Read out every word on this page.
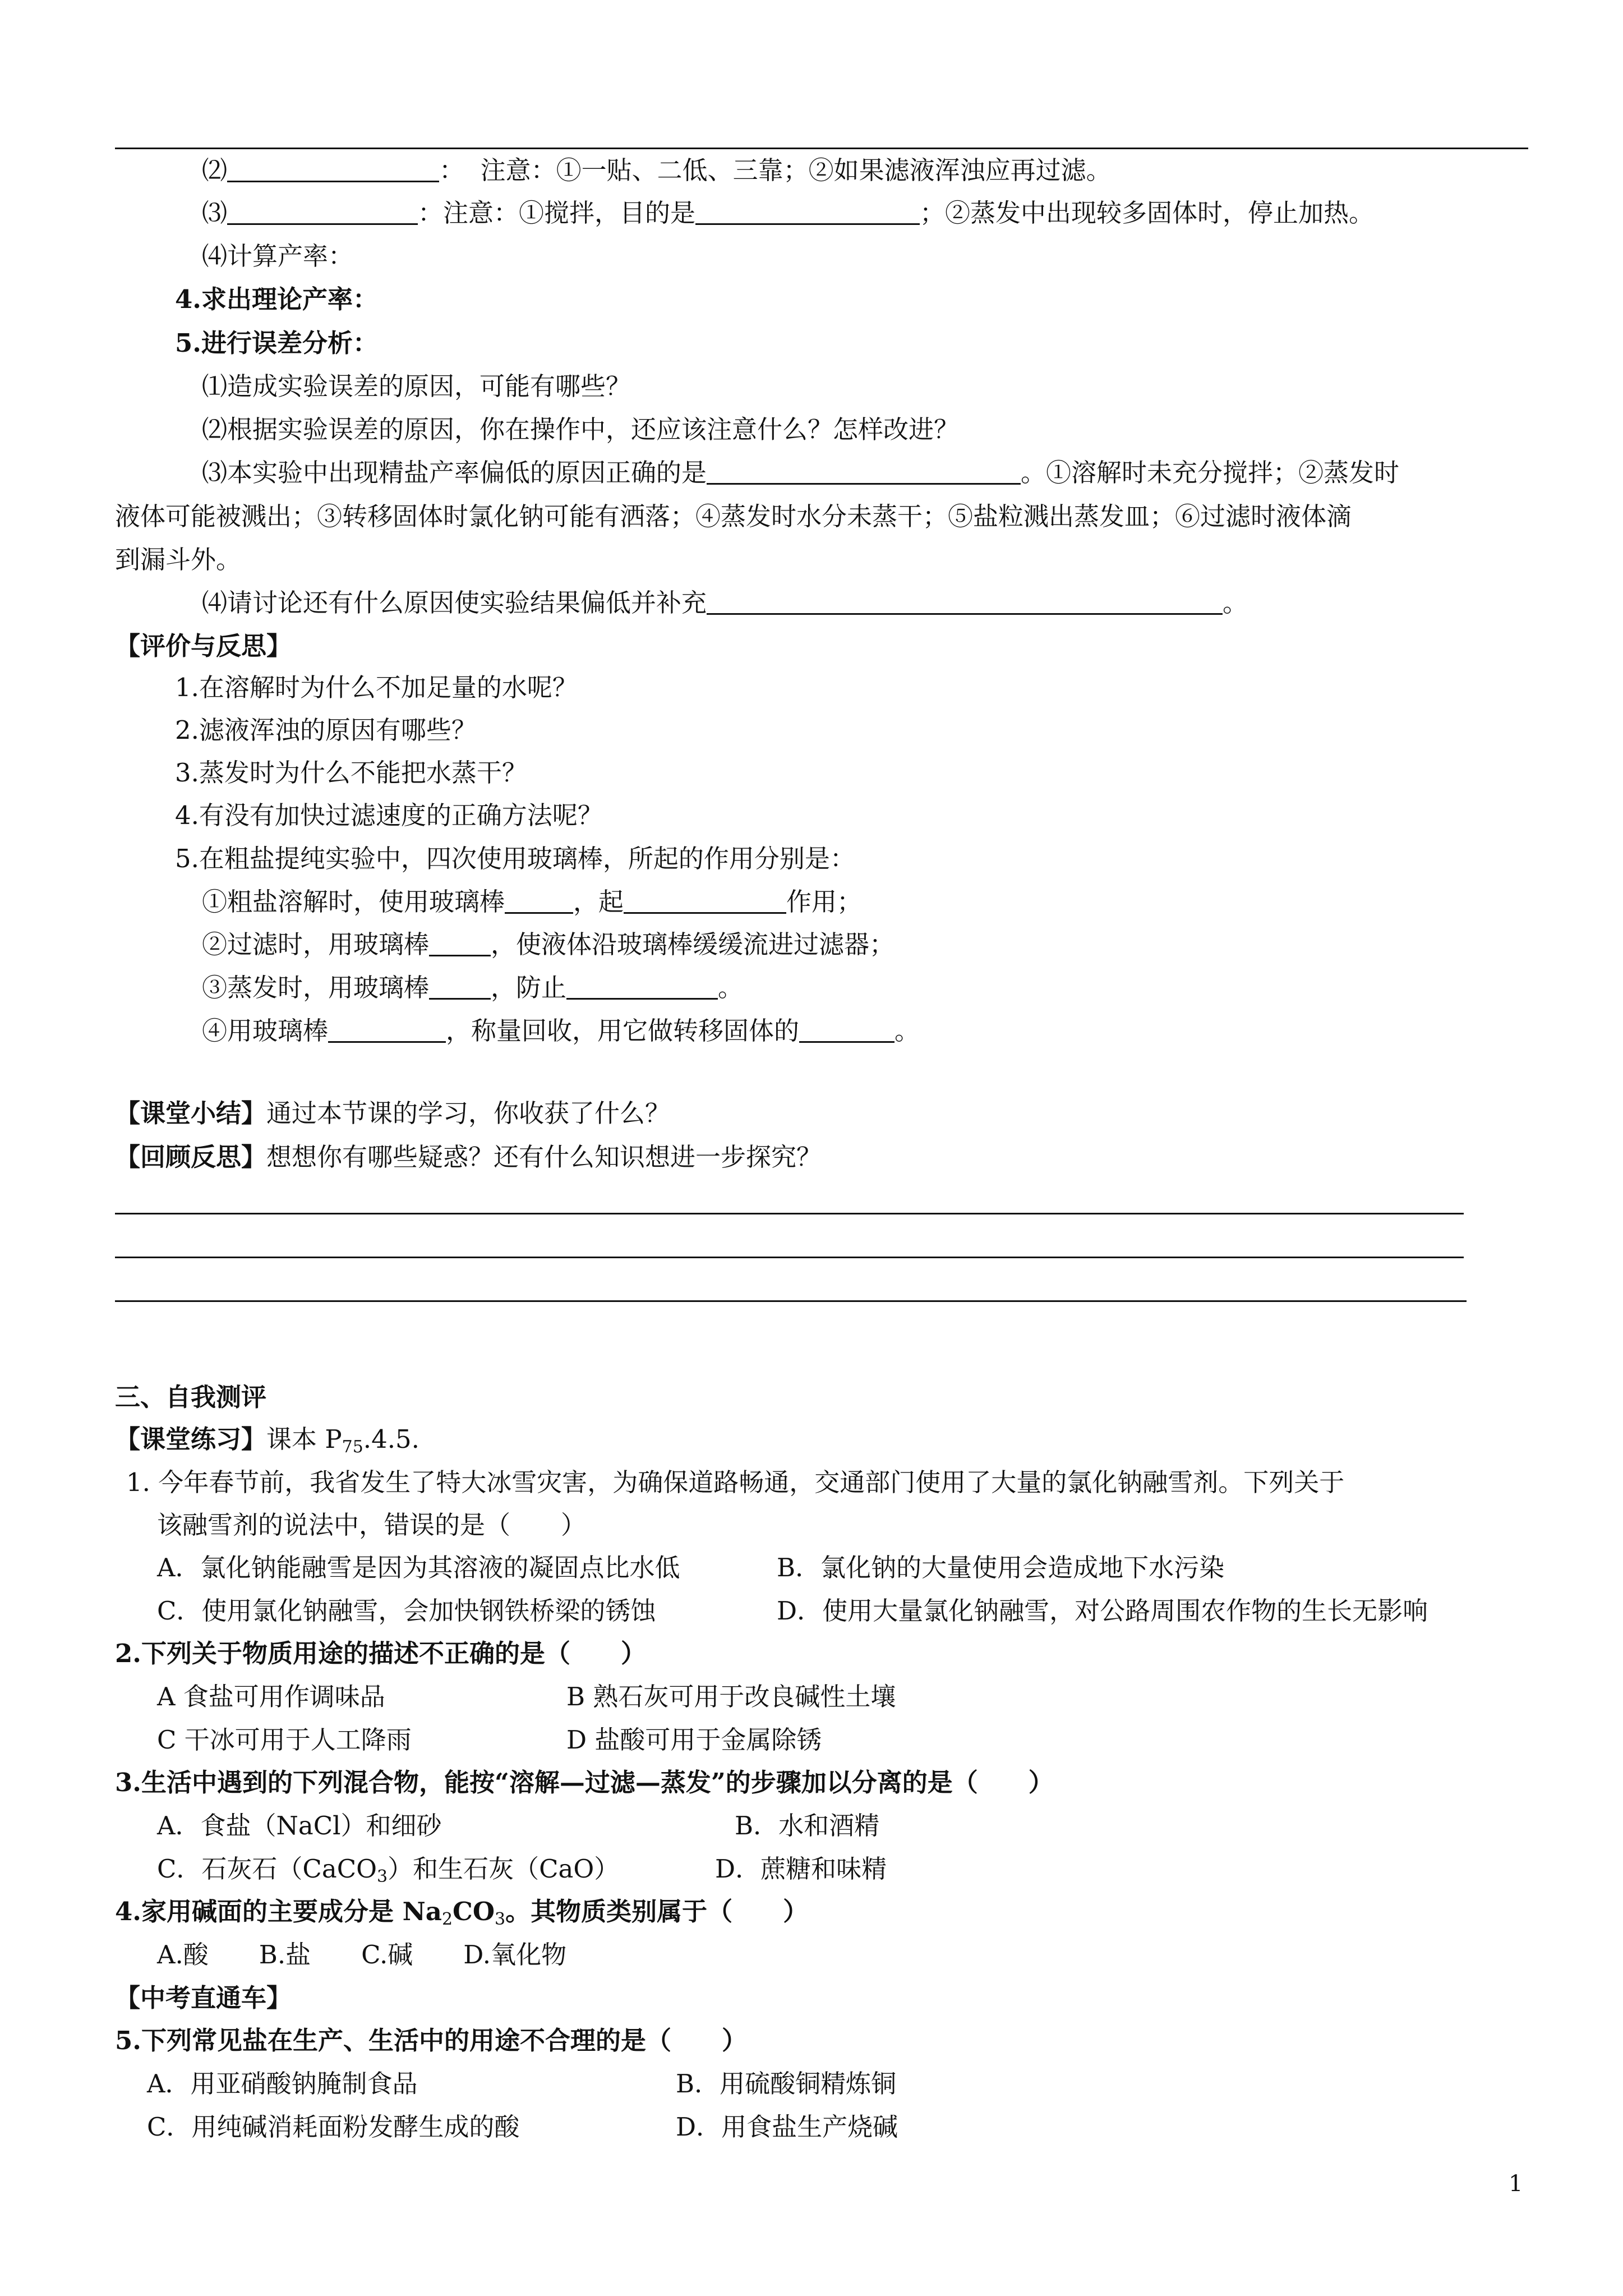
⑵	： 注意：①一贴、二低、三靠；②如果滤液浑浊应再过滤。
⑶	：注意：①搅拌，目的是	；②蒸发中出现较多固体时，停止加热。
⑷计算产率：
4.求出理论产率：
5.进行误差分析：
⑴造成实验误差的原因，可能有哪些？
⑵根据实验误差的原因，你在操作中，还应该注意什么？怎样改进？
⑶本实验中出现精盐产率偏低的原因正确的是	。①溶解时未充分搅拌；②蒸发时
液体可能被溅出；③转移固体时氯化钠可能有洒落；④蒸发时水分未蒸干；⑤盐粒溅出蒸发皿；⑥过滤时液体滴
到漏斗外。
⑷请讨论还有什么原因使实验结果偏低并补充	。
【评价与反思】
1.在溶解时为什么不加足量的水呢？
2.滤液浑浊的原因有哪些？
3.蒸发时为什么不能把水蒸干？
4.有没有加快过滤速度的正确方法呢？
5.在粗盐提纯实验中，四次使用玻璃棒，所起的作用分别是：
①粗盐溶解时，使用玻璃棒	，起	作用；
②过滤时，用玻璃棒 ，使液体沿玻璃棒缓缓流进过滤器；
③蒸发时，用玻璃棒 ，防止	。
④用玻璃棒	，称量回收，用它做转移固体的	。
【课堂小结】通过本节课的学习，你收获了什么？
【回顾反思】想想你有哪些疑惑？还有什么知识想进一步探究？
三、自我测评
【课堂练习】课本 $P_{75}.4.5$.
1. 今年春节前，我省发生了特大冰雪灾害，为确保道路畅通，交通部门使用了大量的氯化钠融雪剂。下列关于
该融雪剂的说法中，错误的是（　　）
A．氯化钠能融雪是因为其溶液的凝固点比水低	B．氯化钠的大量使用会造成地下水污染
C．使用氯化钠融雪，会加快钢铁桥梁的锈蚀	D．使用大量氯化钠融雪，对公路周围农作物的生长无影响
2.下列关于物质用途的描述不正确的是（　　）
A 食盐可用作调味品	B 熟石灰可用于改良碱性土壤
C 干冰可用于人工降雨	D 盐酸可用于金属除锈
3.生活中遇到的下列混合物，能按“溶解—过滤—蒸发”的步骤加以分离的是（　　）
A．食盐（NaCl）和细砂	B．水和酒精
C．石灰石（CaCO$_3$）和生石灰（CaO）	D．蔗糖和味精
4.家用碱面的主要成分是 $Na_2CO_3$。其物质类别属于（　　）
A.酸　　B.盐　　C.碱　　D.氧化物
【中考直通车】
5.下列常见盐在生产、生活中的用途不合理的是（　　）
A．用亚硝酸钠腌制食品	B．用硫酸铜精炼铜
C．用纯碱消耗面粉发酵生成的酸	D．用食盐生产烧碱
1
